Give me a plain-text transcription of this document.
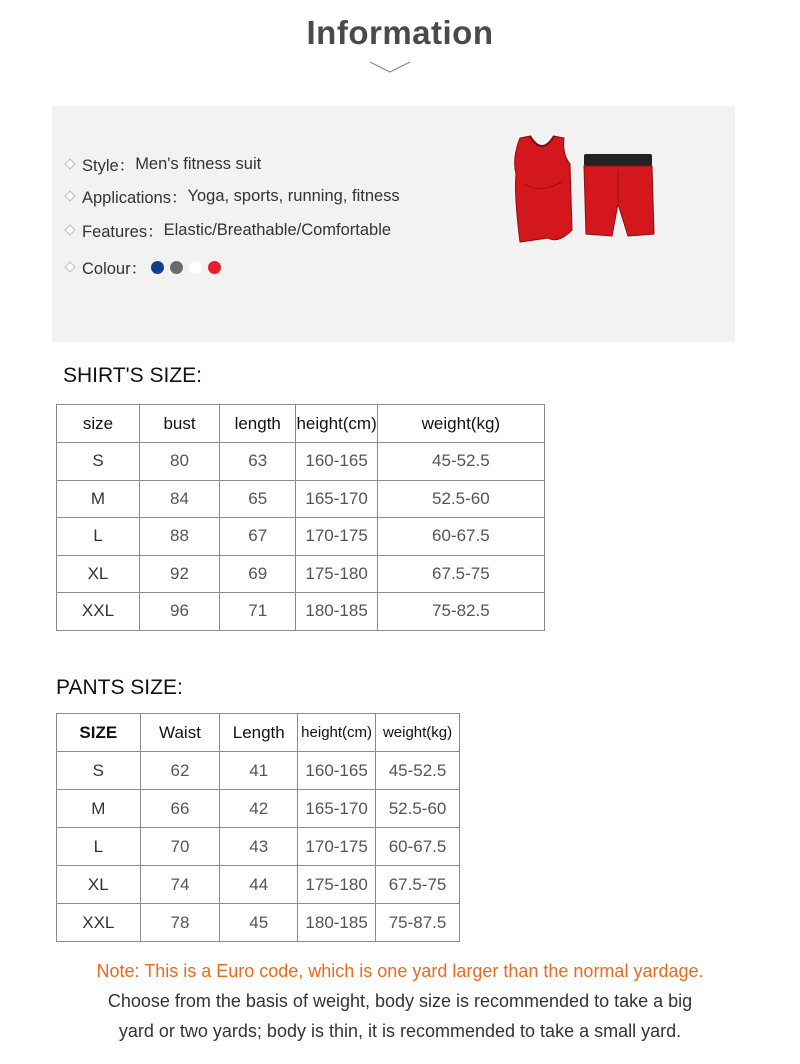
Information
Style： Men's fitness suit
Applications： Yoga, sports, running, fitness
Features： Elastic/Breathable/Comfortable
Colour：
SHIRT'S SIZE:
size	bust	length	height(cm)	weight(kg)
S	80	63	160-165	45-52.5
M	84	65	165-170	52.5-60
L	88	67	170-175	60-67.5
XL	92	69	175-180	67.5-75
XXL	96	71	180-185	75-82.5
PANTS SIZE:
SIZE	Waist	Length	height(cm)	weight(kg)
S	62	41	160-165	45-52.5
M	66	42	165-170	52.5-60
L	70	43	170-175	60-67.5
XL	74	44	175-180	67.5-75
XXL	78	45	180-185	75-87.5
Note: This is a Euro code, which is one yard larger than the normal yardage.
Choose from the basis of weight, body size is recommended to take a big
yard or two yards; body is thin, it is recommended to take a small yard.
